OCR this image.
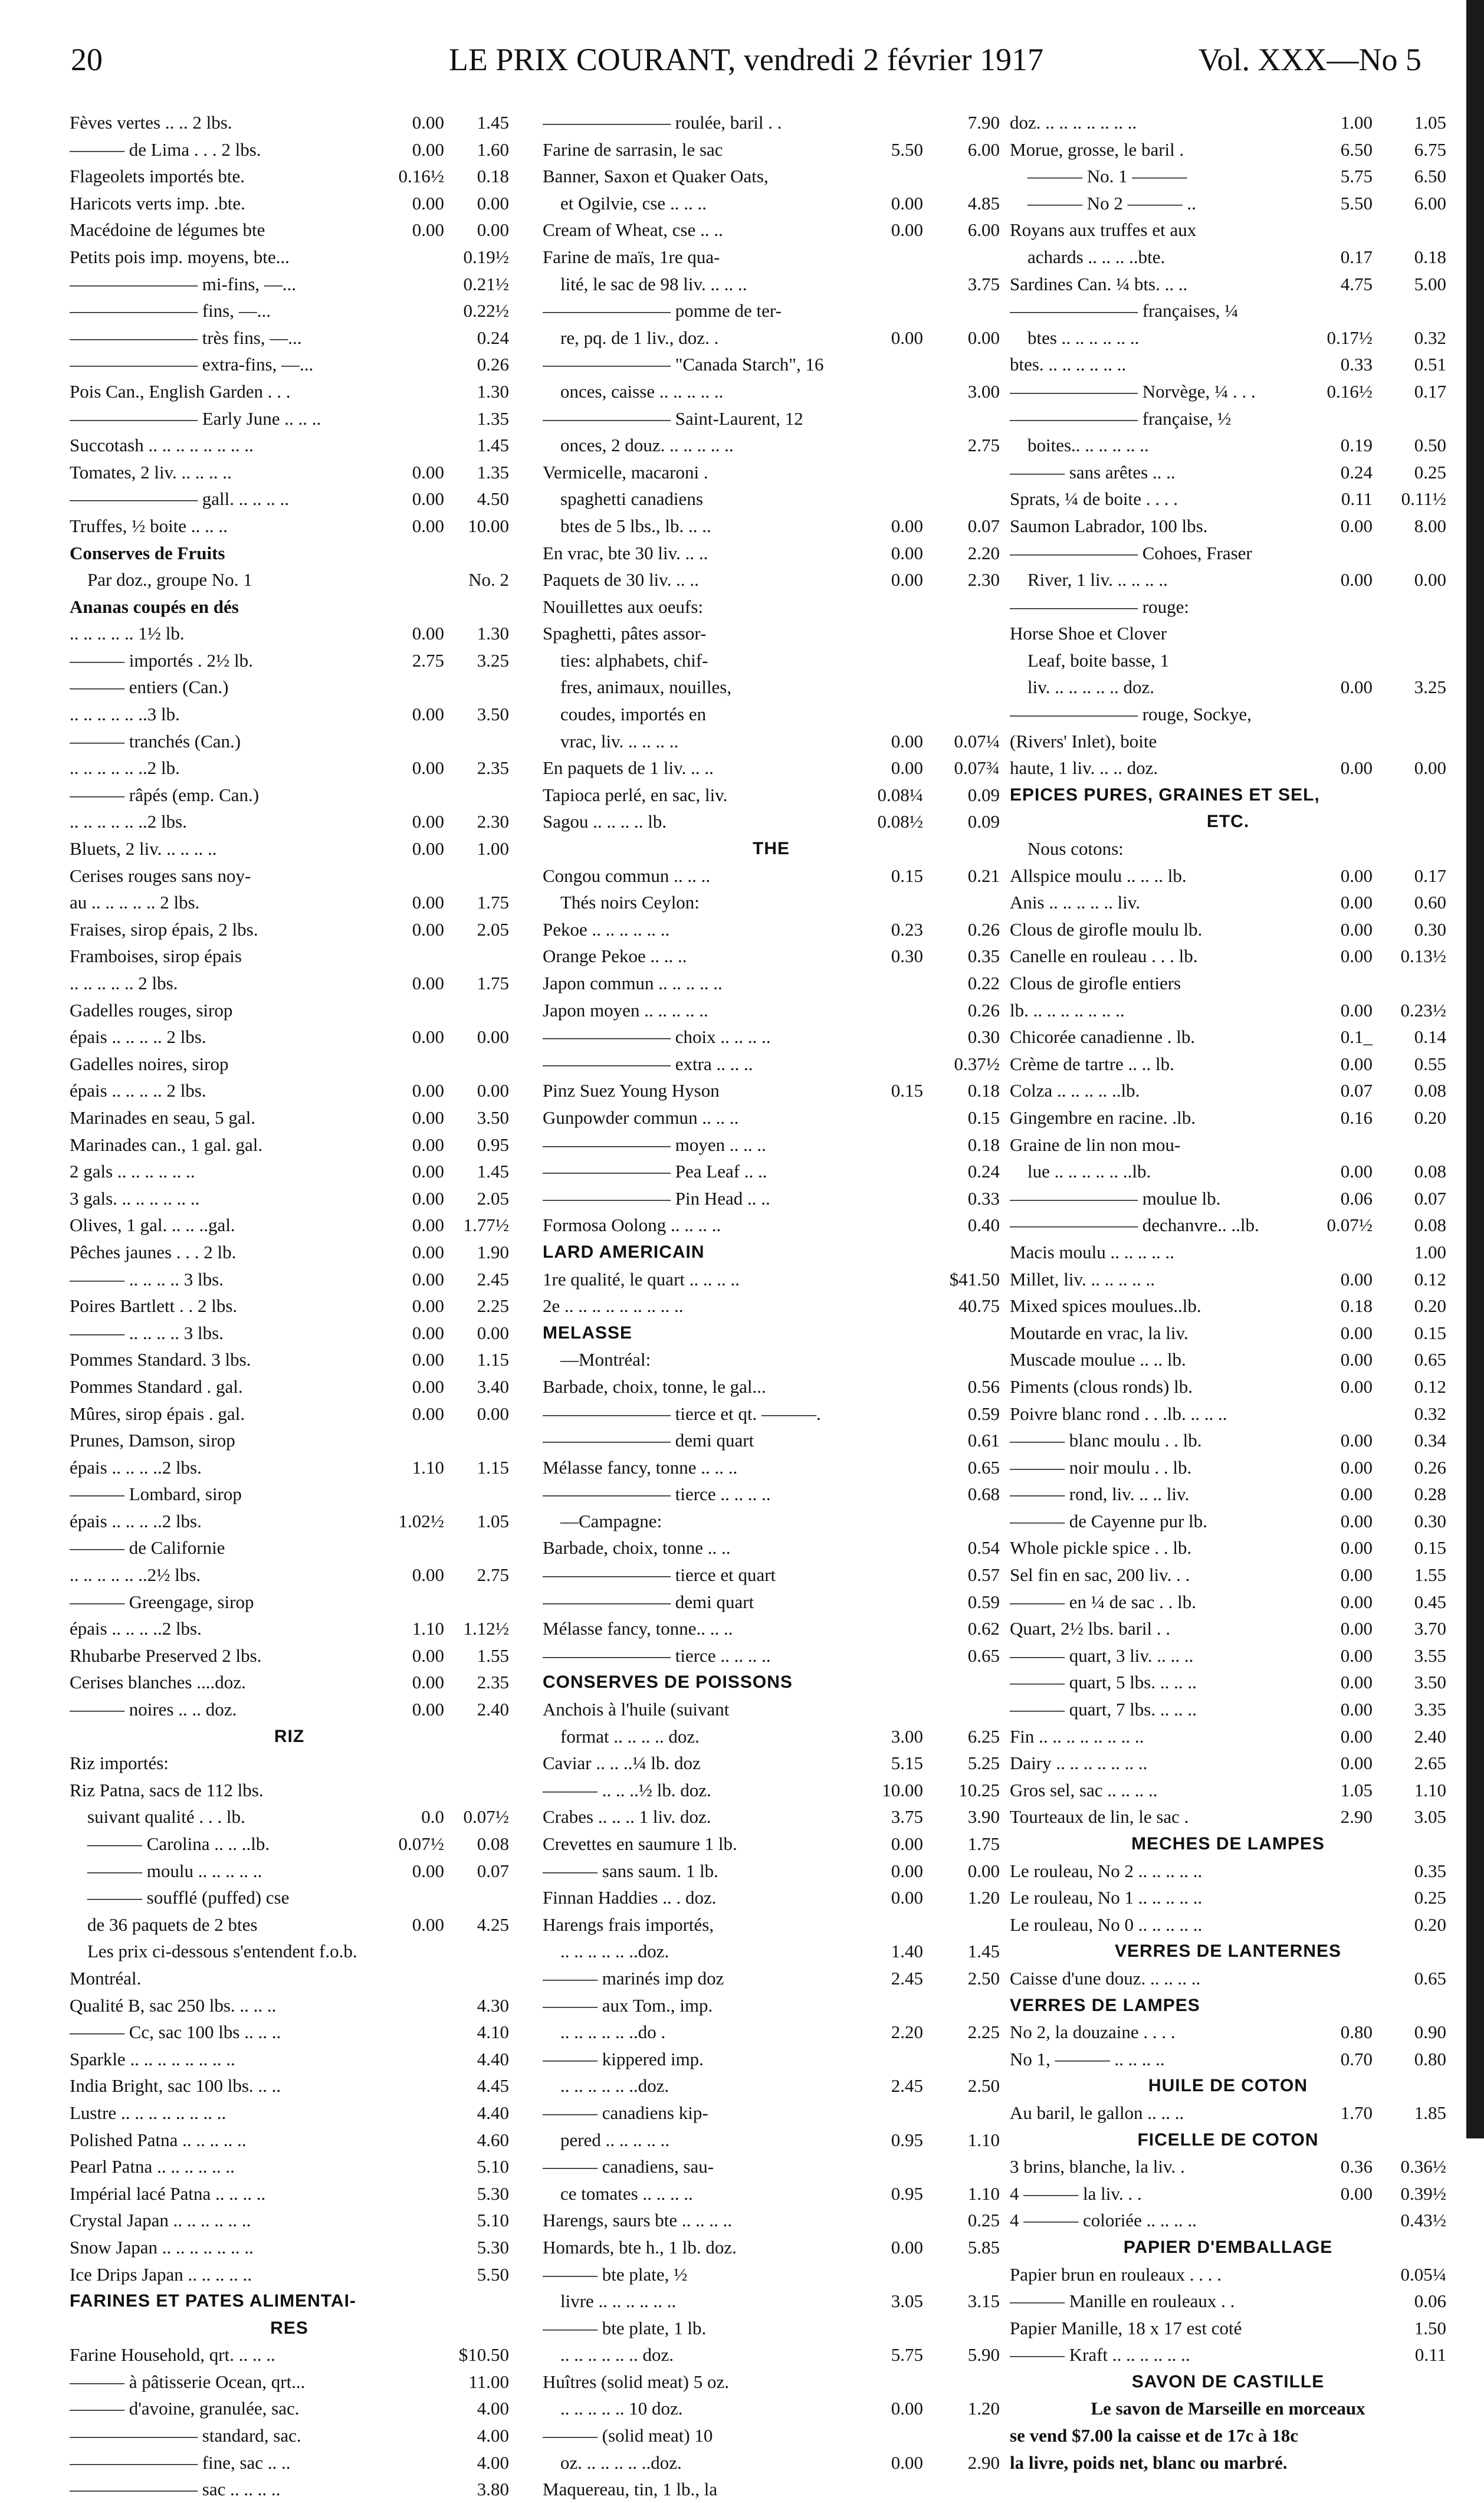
20	LE PRIX COURANT, vendredi 2 février 1917	Vol. XXX—No 5
Fèves vertes .. .. 2 lbs.	0.00 1.45
——— de Lima . . . 2 lbs.	0.00 1.60
Flageolets importés bte.	0.16½ 0.18
Haricots verts imp. .bte.	0.00 0.00
Macédoine de légumes bte	0.00 0.00
Petits pois imp. moyens, bte...	0.19½
——————— mi-fins, —...	0.21½
——————— fins, —...	0.22½
——————— très fins, —...	0.24
——————— extra-fins, —...	0.26
Pois Can., English Garden . . .	1.30
——————— Early June .. .. ..	1.35
Succotash .. .. .. .. .. .. .. ..	1.45
Tomates, 2 liv. .. .. .. ..	0.00 1.35
——————— gall. .. .. .. ..	0.00 4.50
Truffes, ½ boite .. .. ..	0.00 10.00
Conserves de Fruits
Par doz., groupe No. 1	No. 2
Ananas coupés en dés
.. .. .. .. .. 1½ lb.	0.00 1.30
——— importés . 2½ lb.	2.75 3.25
——— entiers (Can.)
.. .. .. .. .. ..3 lb.	0.00 3.50
——— tranchés (Can.)
.. .. .. .. .. ..2 lb.	0.00 2.35
——— râpés (emp. Can.)
.. .. .. .. .. ..2 lbs.	0.00 2.30
Bluets, 2 liv. .. .. .. ..	0.00 1.00
Cerises rouges sans noy-
au .. .. .. .. .. 2 lbs.	0.00 1.75
Fraises, sirop épais, 2 lbs.	0.00 2.05
Framboises, sirop épais
.. .. .. .. .. 2 lbs.	0.00 1.75
Gadelles rouges, sirop
épais .. .. .. .. 2 lbs.	0.00 0.00
Gadelles noires, sirop
épais .. .. .. .. 2 lbs.	0.00 0.00
Marinades en seau, 5 gal.	0.00 3.50
Marinades can., 1 gal. gal.	0.00 0.95
2 gals .. .. .. .. .. ..	0.00 1.45
3 gals. .. .. .. .. .. ..	0.00 2.05
Olives, 1 gal. .. .. ..gal.	0.00 1.77½
Pêches jaunes . . . 2 lb.	0.00 1.90
——— .. .. .. .. 3 lbs.	0.00 2.45
Poires Bartlett . . 2 lbs.	0.00 2.25
——— .. .. .. .. 3 lbs.	0.00 0.00
Pommes Standard. 3 lbs.	0.00 1.15
Pommes Standard . gal.	0.00 3.40
Mûres, sirop épais . gal.	0.00 0.00
Prunes, Damson, sirop
épais .. .. .. ..2 lbs.	1.10 1.15
——— Lombard, sirop
épais .. .. .. ..2 lbs.	1.02½ 1.05
——— de Californie
.. .. .. .. .. ..2½ lbs.	0.00 2.75
——— Greengage, sirop
épais .. .. .. ..2 lbs.	1.10 1.12½
Rhubarbe Preserved 2 lbs.	0.00 1.55
Cerises blanches ....doz.	0.00 2.35
——— noires .. .. doz.	0.00 2.40
RIZ
Riz importés:
Riz Patna, sacs de 112 lbs.
suivant qualité . . . lb.	0.0 0.07½
——— Carolina .. .. ..lb.	0.07½ 0.08
——— moulu .. .. .. .. ..	0.00 0.07
——— soufflé (puffed) cse
de 36 paquets de 2 btes	0.00 4.25
Les prix ci-dessous s'entendent f.o.b.
Montréal.
Qualité B, sac 250 lbs. .. .. ..	4.30
——— Cc, sac 100 lbs .. .. ..	4.10
Sparkle .. .. .. .. .. .. .. ..	4.40
India Bright, sac 100 lbs. .. ..	4.45
Lustre .. .. .. .. .. .. .. ..	4.40
Polished Patna .. .. .. .. ..	4.60
Pearl Patna .. .. .. .. .. ..	5.10
Impérial lacé Patna .. .. .. ..	5.30
Crystal Japan .. .. .. .. .. ..	5.10
Snow Japan .. .. .. .. .. .. ..	5.30
Ice Drips Japan .. .. .. .. ..	5.50
FARINES ET PATES ALIMENTAI-
RES
Farine Household, qrt. .. .. ..	$10.50
——— à pâtisserie Ocean, qrt...	11.00
——— d'avoine, granulée, sac.	4.00
——————— standard, sac.	4.00
——————— fine, sac .. ..	4.00
——————— sac .. .. .. ..	3.80
——————— roulée, baril . .	7.90
Farine de sarrasin, le sac	5.50 6.00
Banner, Saxon et Quaker Oats,
et Ogilvie, cse .. .. ..	0.00 4.85
Cream of Wheat, cse .. ..	0.00 6.00
Farine de maïs, 1re qua-
lité, le sac de 98 liv. .. .. ..	3.75
——————— pomme de ter-
re, pq. de 1 liv., doz. .	0.00 0.00
——————— "Canada Starch", 16
onces, caisse .. .. .. .. ..	3.00
——————— Saint-Laurent, 12
onces, 2 douz. .. .. .. .. ..	2.75
Vermicelle, macaroni .
spaghetti canadiens
btes de 5 lbs., lb. .. ..	0.00 0.07
En vrac, bte 30 liv. .. ..	0.00 2.20
Paquets de 30 liv. .. ..	0.00 2.30
Nouillettes aux oeufs:
Spaghetti, pâtes assor-
ties: alphabets, chif-
fres, animaux, nouilles,
coudes, importés en
vrac, liv. .. .. .. ..	0.00 0.07¼
En paquets de 1 liv. .. ..	0.00 0.07¾
Tapioca perlé, en sac, liv.	0.08¼ 0.09
Sagou .. .. .. .. lb.	0.08½ 0.09
THE
Congou commun .. .. ..	0.15 0.21
Thés noirs Ceylon:
Pekoe .. .. .. .. .. ..	0.23 0.26
Orange Pekoe .. .. ..	0.30 0.35
Japon commun .. .. .. .. ..	0.22
Japon moyen .. .. .. .. ..	0.26
——————— choix .. .. .. ..	0.30
——————— extra .. .. ..	0.37½
Pinz Suez Young Hyson	0.15 0.18
Gunpowder commun .. .. ..	0.15
——————— moyen .. .. ..	0.18
——————— Pea Leaf .. ..	0.24
——————— Pin Head .. ..	0.33
Formosa Oolong .. .. .. ..	0.40
LARD AMERICAIN
1re qualité, le quart .. .. .. ..	$41.50
2e .. .. .. .. .. .. .. .. ..	40.75
MELASSE
—Montréal:
Barbade, choix, tonne, le gal...	0.56
——————— tierce et qt. ———.	0.59
——————— demi quart	0.61
Mélasse fancy, tonne .. .. ..	0.65
——————— tierce .. .. .. ..	0.68
—Campagne:
Barbade, choix, tonne .. ..	0.54
——————— tierce et quart	0.57
——————— demi quart	0.59
Mélasse fancy, tonne.. .. ..	0.62
——————— tierce .. .. .. ..	0.65
CONSERVES DE POISSONS
Anchois à l'huile (suivant
format .. .. .. .. doz.	3.00 6.25
Caviar .. .. ..¼ lb. doz	5.15 5.25
——— .. .. ..½ lb. doz.	10.00 10.25
Crabes .. .. .. 1 liv. doz.	3.75 3.90
Crevettes en saumure 1 lb.	0.00 1.75
——— sans saum. 1 lb.	0.00 0.00
Finnan Haddies .. . doz.	0.00 1.20
Harengs frais importés,
.. .. .. .. .. ..doz.	1.40 1.45
——— marinés imp doz	2.45 2.50
——— aux Tom., imp.
.. .. .. .. .. ..do .	2.20 2.25
——— kippered imp.
.. .. .. .. .. ..doz.	2.45 2.50
——— canadiens kip-
pered .. .. .. .. ..	0.95 1.10
——— canadiens, sau-
ce tomates .. .. .. ..	0.95 1.10
Harengs, saurs bte .. .. .. ..	0.25
Homards, bte h., 1 lb. doz.	0.00 5.85
——— bte plate, ½
livre .. .. .. .. .. ..	3.05 3.15
——— bte plate, 1 lb.
.. .. .. .. .. .. doz.	5.75 5.90
Huîtres (solid meat) 5 oz.
.. .. .. .. .. 10 doz.	0.00 1.20
——— (solid meat) 10
oz. .. .. .. .. ..doz.	0.00 2.90
Maquereau, tin, 1 lb., la
doz. .. .. .. .. .. .. ..	1.00 1.05
Morue, grosse, le baril .	6.50 6.75
——— No. 1 ———	5.75 6.50
——— No 2 ——— ..	5.50 6.00
Royans aux truffes et aux
achards .. .. .. ..bte.	0.17 0.18
Sardines Can. ¼ bts. .. ..	4.75 5.00
——————— françaises, ¼
btes .. .. .. .. .. ..	0.17½ 0.32
btes. .. .. .. .. .. ..	0.33 0.51
——————— Norvège, ¼ . . .	0.16½ 0.17
——————— française, ½
boites.. .. .. .. .. ..	0.19 0.50
——— sans arêtes .. ..	0.24 0.25
Sprats, ¼ de boite . . . .	0.11 0.11½
Saumon Labrador, 100 lbs.	0.00 8.00
——————— Cohoes, Fraser
River, 1 liv. .. .. .. ..	0.00 0.00
——————— rouge:
Horse Shoe et Clover
Leaf, boite basse, 1
liv. .. .. .. .. .. doz.	0.00 3.25
——————— rouge, Sockye,
(Rivers' Inlet), boite
haute, 1 liv. .. .. doz.	0.00 0.00
EPICES PURES, GRAINES ET SEL,
ETC.
Nous cotons:
Allspice moulu .. .. .. lb.	0.00 0.17
Anis .. .. .. .. .. liv.	0.00 0.60
Clous de girofle moulu lb.	0.00 0.30
Canelle en rouleau . . . lb.	0.00 0.13½
Clous de girofle entiers
lb. .. .. .. .. .. .. ..	0.00 0.23½
Chicorée canadienne . lb.	0.1_ 0.14
Crème de tartre .. .. lb.	0.00 0.55
Colza .. .. .. .. ..lb.	0.07 0.08
Gingembre en racine. .lb.	0.16 0.20
Graine de lin non mou-
lue .. .. .. .. .. ..lb.	0.00 0.08
——————— moulue lb.	0.06 0.07
——————— dechanvre.. ..lb.	0.07½ 0.08
Macis moulu .. .. .. .. ..	1.00
Millet, liv. .. .. .. .. ..	0.00 0.12
Mixed spices moulues..lb.	0.18 0.20
Moutarde en vrac, la liv.	0.00 0.15
Muscade moulue .. .. lb.	0.00 0.65
Piments (clous ronds) lb.	0.00 0.12
Poivre blanc rond . . .lb. .. .. ..	0.32
——— blanc moulu . . lb.	0.00 0.34
——— noir moulu . . lb.	0.00 0.26
——— rond, liv. .. .. liv.	0.00 0.28
——— de Cayenne pur lb.	0.00 0.30
Whole pickle spice . . lb.	0.00 0.15
Sel fin en sac, 200 liv. . .	0.00 1.55
——— en ¼ de sac . . lb.	0.00 0.45
Quart, 2½ lbs. baril . .	0.00 3.70
——— quart, 3 liv. .. .. ..	0.00 3.55
——— quart, 5 lbs. .. .. ..	0.00 3.50
——— quart, 7 lbs. .. .. ..	0.00 3.35
Fin .. .. .. .. .. .. .. ..	0.00 2.40
Dairy .. .. .. .. .. .. ..	0.00 2.65
Gros sel, sac .. .. .. ..	1.05 1.10
Tourteaux de lin, le sac .	2.90 3.05
MECHES DE LAMPES
Le rouleau, No 2 .. .. .. .. ..	0.35
Le rouleau, No 1 .. .. .. .. ..	0.25
Le rouleau, No 0 .. .. .. .. ..	0.20
VERRES DE LANTERNES
Caisse d'une douz. .. .. .. ..	0.65
VERRES DE LAMPES
No 2, la douzaine . . . .	0.80 0.90
No 1, ——— .. .. .. ..	0.70 0.80
HUILE DE COTON
Au baril, le gallon .. .. ..	1.70 1.85
FICELLE DE COTON
3 brins, blanche, la liv. .	0.36 0.36½
4 ——— la liv. . .	0.00 0.39½
4 ——— coloriée .. .. .. ..	0.43½
PAPIER D'EMBALLAGE
Papier brun en rouleaux . . . .	0.05¼
——— Manille en rouleaux . .	0.06
Papier Manille, 18 x 17 est coté	1.50
——— Kraft .. .. .. .. .. ..	0.11
SAVON DE CASTILLE
Le savon de Marseille en morceaux
se vend $7.00 la caisse et de 17c à 18c
la livre, poids net, blanc ou marbré.
